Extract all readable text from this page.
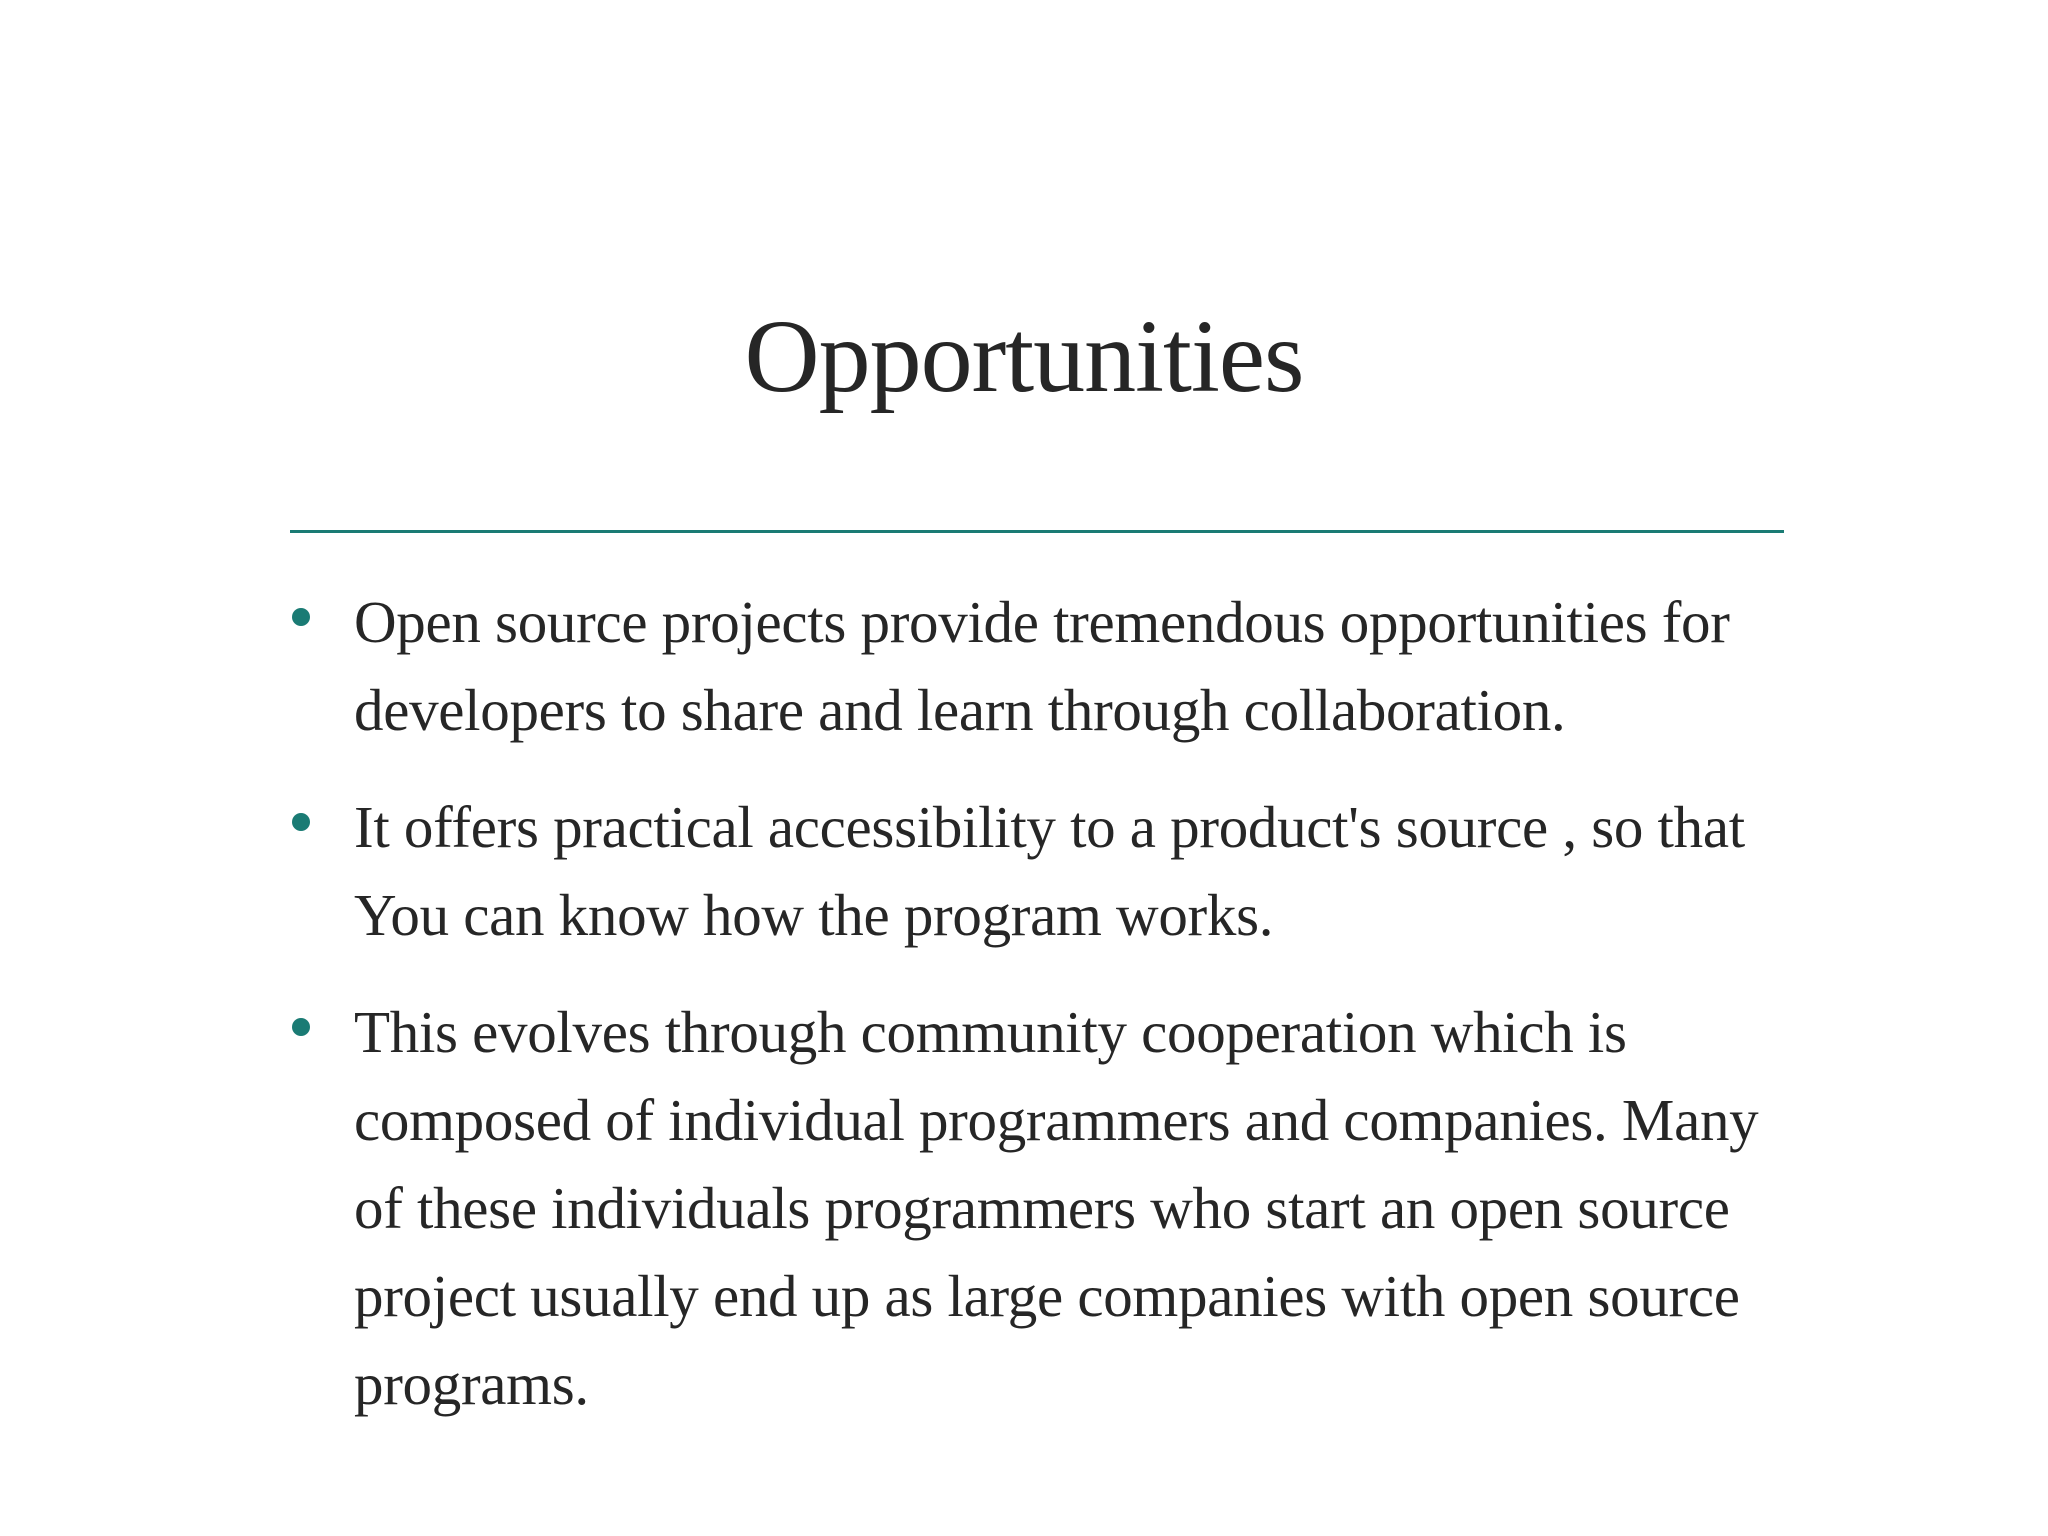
Opportunities
Open source projects provide tremendous opportunities for developers to share and learn through collaboration.
It offers practical accessibility to a product's source , so that You can know how the program works.
This evolves through community cooperation which is composed of individual programmers and companies. Many of these individuals programmers who start an open source project usually end up as large companies with open source programs.
